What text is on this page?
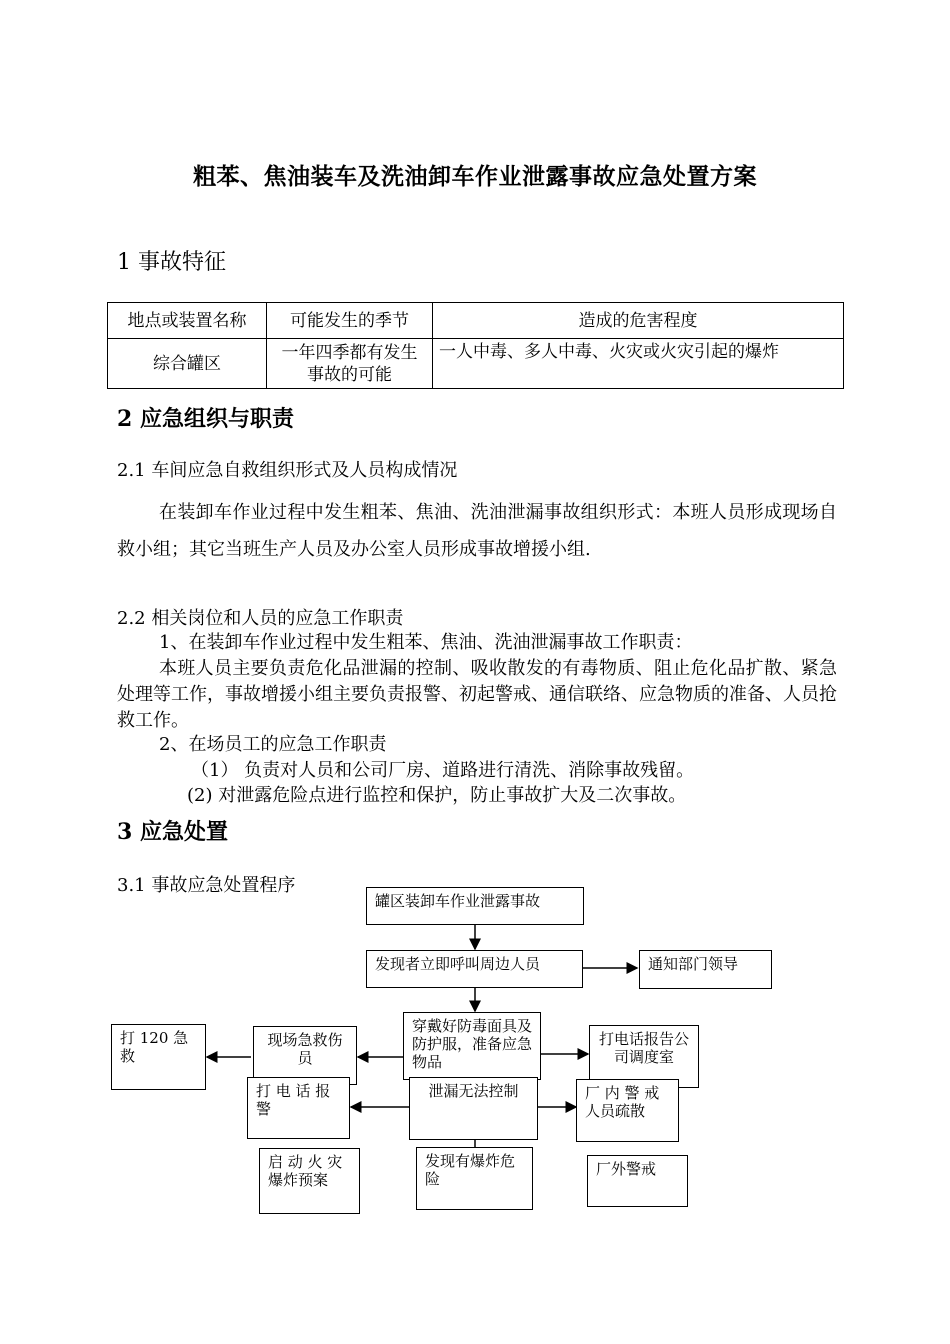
粗苯、焦油装车及洗油卸车作业泄露事故应急处置方案
1 事故特征
地点或装置名称	可能发生的季节	造成的危害程度
综合罐区	一年四季都有发生事故的可能	一人中毒、多人中毒、火灾或火灾引起的爆炸
2 应急组织与职责
2.1 车间应急自救组织形式及人员构成情况
在装卸车作业过程中发生粗苯、焦油、洗油泄漏事故组织形式：本班人员形成现场自救小组；其它当班生产人员及办公室人员形成事故增援小组.
2.2 相关岗位和人员的应急工作职责
1、在装卸车作业过程中发生粗苯、焦油、洗油泄漏事故工作职责：
本班人员主要负责危化品泄漏的控制、吸收散发的有毒物质、阻止危化品扩散、紧急处理等工作，事故增援小组主要负责报警、初起警戒、通信联络、应急物质的准备、人员抢救工作。
2、在场员工的应急工作职责
（1） 负责对人员和公司厂房、道路进行清洗、消除事故残留。
(2) 对泄露危险点进行监控和保护，防止事故扩大及二次事故。
3 应急处置
3.1 事故应急处置程序
罐区装卸车作业泄露事故
发现者立即呼叫周边人员	通知部门领导
打 120 急救
现场急救伤员
穿戴好防毒面具及防护服，准备应急物品
打电话报告公司调度室
打 电 话 报警
泄漏无法控制	厂 内 警 戒人员疏散
启 动 火 灾爆炸预案
发现有爆炸危险
厂外警戒
